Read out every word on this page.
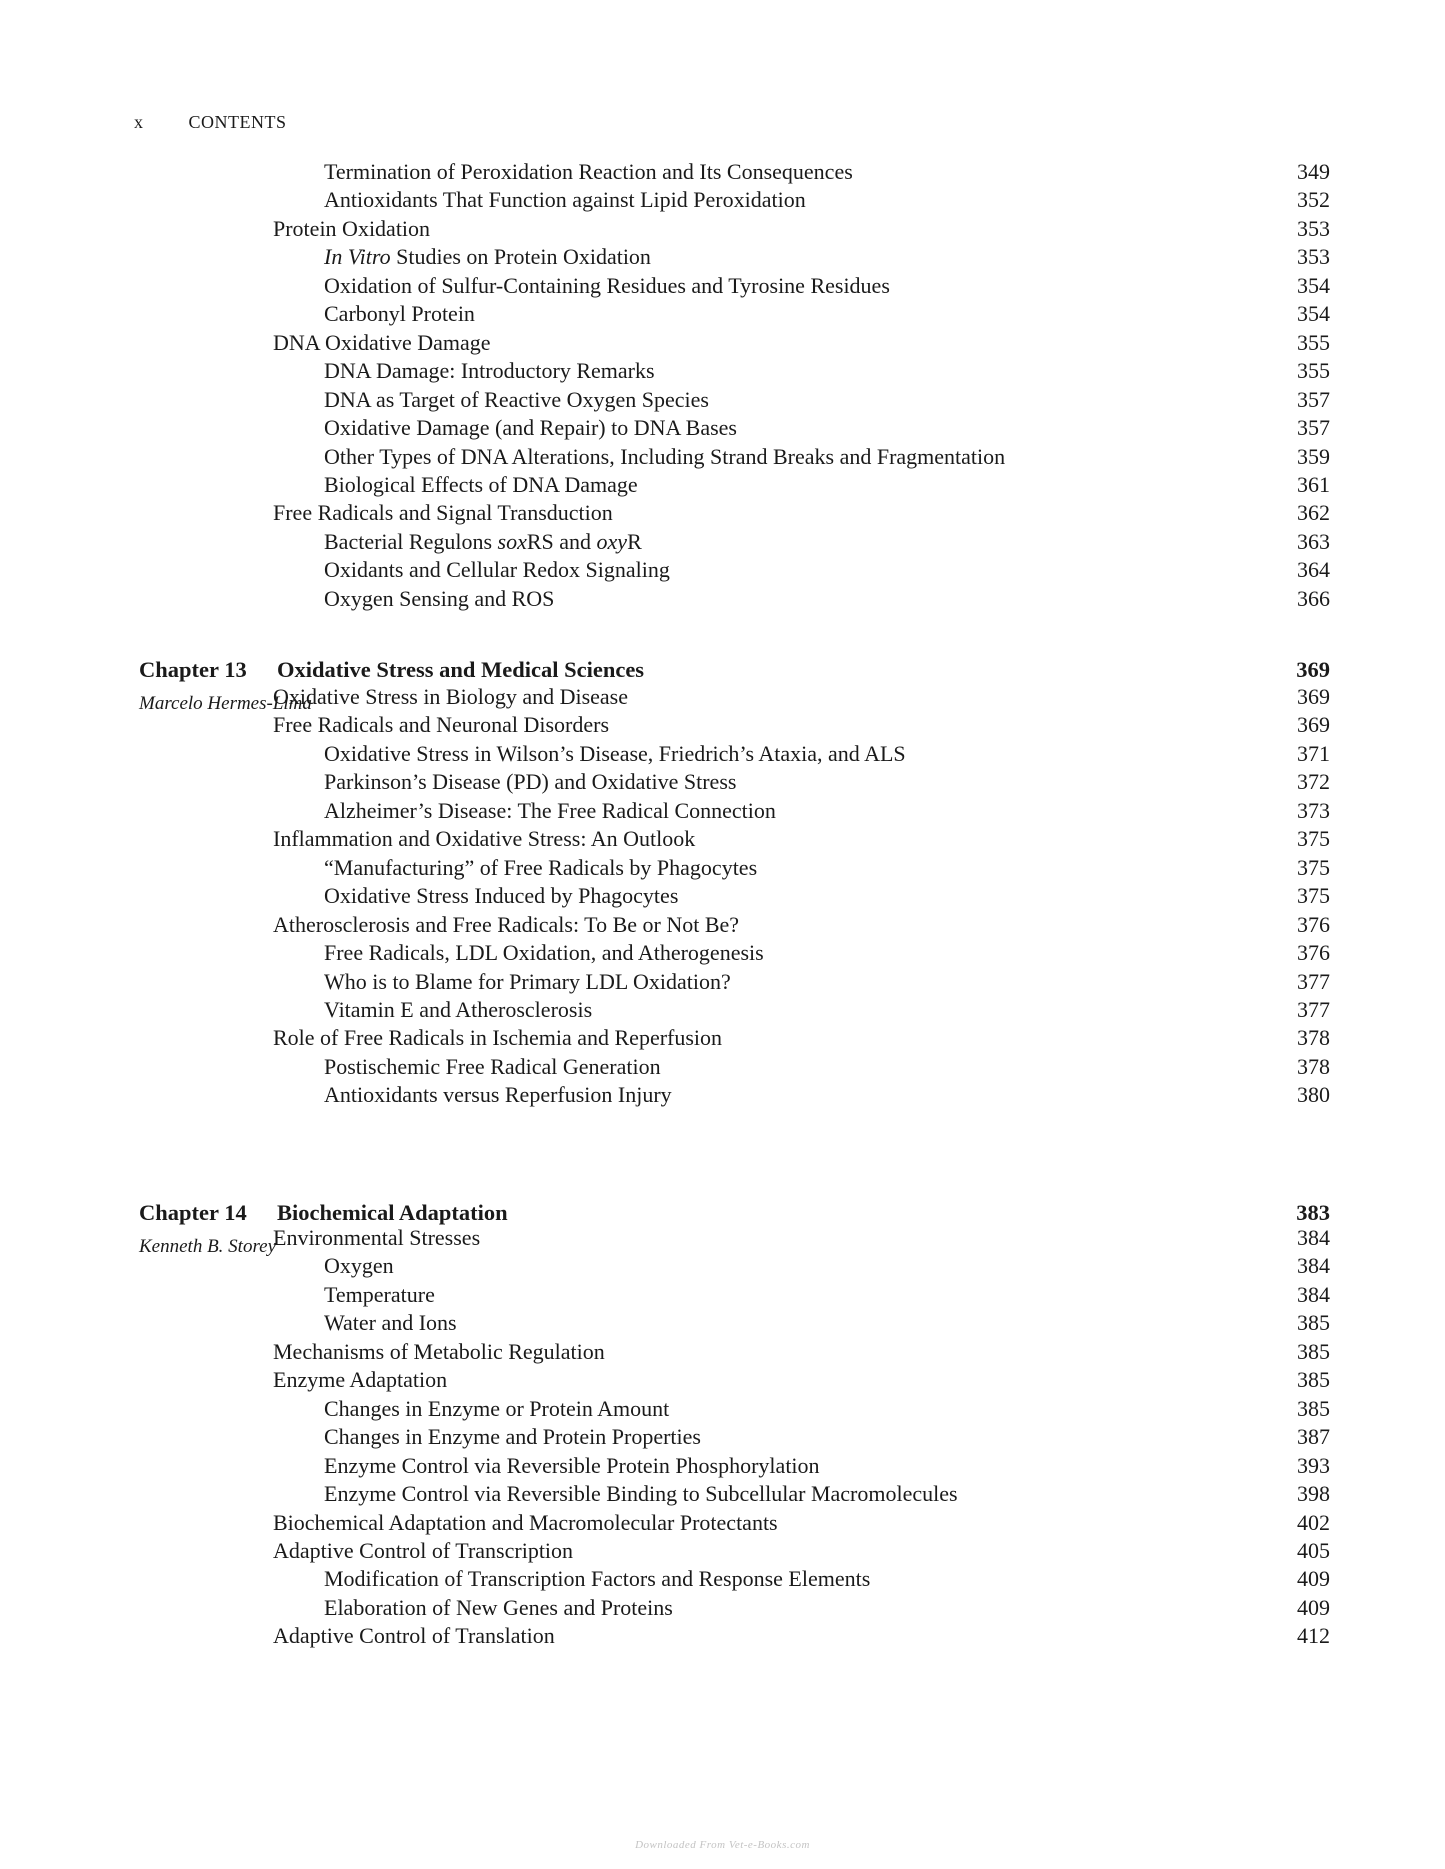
x	CONTENTS
Termination of Peroxidation Reaction and Its Consequences	349
Antioxidants That Function against Lipid Peroxidation	352
Protein Oxidation	353
In Vitro Studies on Protein Oxidation	353
Oxidation of Sulfur-Containing Residues and Tyrosine Residues	354
Carbonyl Protein	354
DNA Oxidative Damage	355
DNA Damage: Introductory Remarks	355
DNA as Target of Reactive Oxygen Species	357
Oxidative Damage (and Repair) to DNA Bases	357
Other Types of DNA Alterations, Including Strand Breaks and Fragmentation	359
Biological Effects of DNA Damage	361
Free Radicals and Signal Transduction	362
Bacterial Regulons soxRS and oxyR	363
Oxidants and Cellular Redox Signaling	364
Oxygen Sensing and ROS	366
Chapter 13 Oxidative Stress and Medical Sciences	369
Marcelo Hermes-Lima
Oxidative Stress in Biology and Disease	369
Free Radicals and Neuronal Disorders	369
Oxidative Stress in Wilson’s Disease, Friedrich’s Ataxia, and ALS	371
Parkinson’s Disease (PD) and Oxidative Stress	372
Alzheimer’s Disease: The Free Radical Connection	373
Inflammation and Oxidative Stress: An Outlook	375
“Manufacturing” of Free Radicals by Phagocytes	375
Oxidative Stress Induced by Phagocytes	375
Atherosclerosis and Free Radicals: To Be or Not Be?	376
Free Radicals, LDL Oxidation, and Atherogenesis	376
Who is to Blame for Primary LDL Oxidation?	377
Vitamin E and Atherosclerosis	377
Role of Free Radicals in Ischemia and Reperfusion	378
Postischemic Free Radical Generation	378
Antioxidants versus Reperfusion Injury	380
Chapter 14 Biochemical Adaptation	383
Kenneth B. Storey
Environmental Stresses	384
Oxygen	384
Temperature	384
Water and Ions	385
Mechanisms of Metabolic Regulation	385
Enzyme Adaptation	385
Changes in Enzyme or Protein Amount	385
Changes in Enzyme and Protein Properties	387
Enzyme Control via Reversible Protein Phosphorylation	393
Enzyme Control via Reversible Binding to Subcellular Macromolecules	398
Biochemical Adaptation and Macromolecular Protectants	402
Adaptive Control of Transcription	405
Modification of Transcription Factors and Response Elements	409
Elaboration of New Genes and Proteins	409
Adaptive Control of Translation	412
Downloaded From Vet-e-Books.com
